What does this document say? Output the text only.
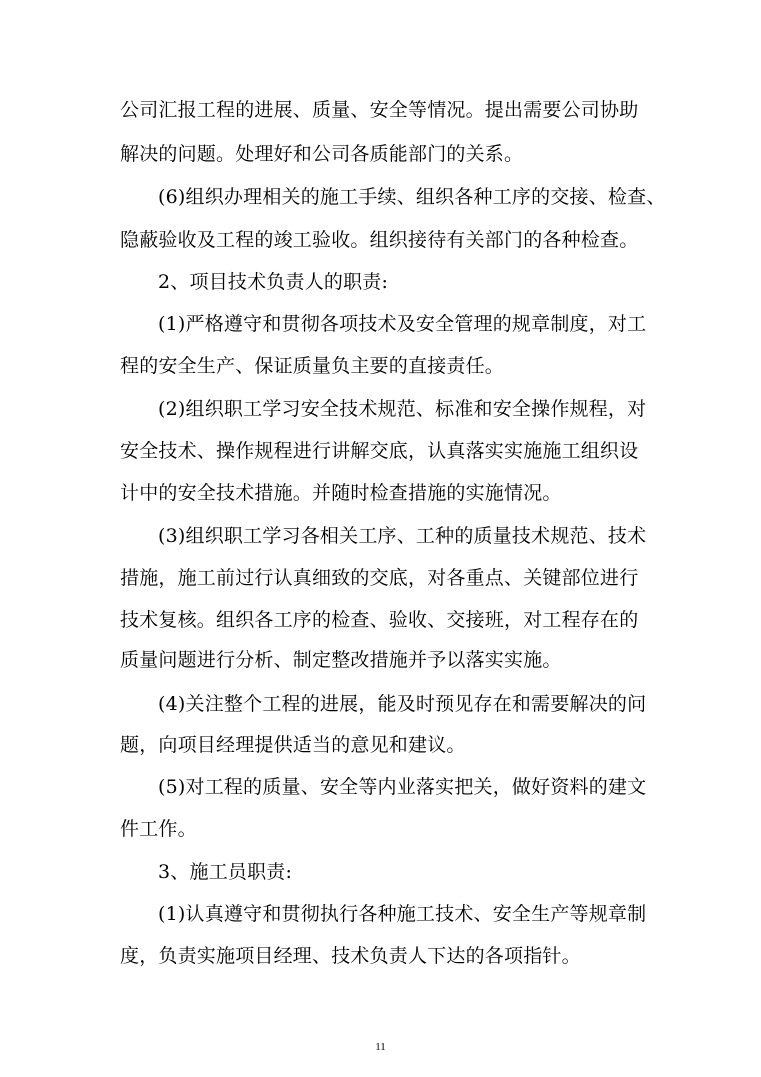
公司汇报工程的进展、质量、安全等情况。提出需要公司协助
解决的问题。处理好和公司各质能部门的关系。
(6)组织办理相关的施工手续、组织各种工序的交接、检查、
隐蔽验收及工程的竣工验收。组织接待有关部门的各种检查。
2、项目技术负责人的职责:
(1)严格遵守和贯彻各项技术及安全管理的规章制度，对工
程的安全生产、保证质量负主要的直接责任。
(2)组织职工学习安全技术规范、标准和安全操作规程，对
安全技术、操作规程进行讲解交底，认真落实实施施工组织设
计中的安全技术措施。并随时检查措施的实施情况。
(3)组织职工学习各相关工序、工种的质量技术规范、技术
措施，施工前过行认真细致的交底，对各重点、关键部位进行
技术复核。组织各工序的检查、验收、交接班，对工程存在的
质量问题进行分析、制定整改措施并予以落实实施。
(4)关注整个工程的进展，能及时预见存在和需要解决的问
题，向项目经理提供适当的意见和建议。
(5)对工程的质量、安全等内业落实把关，做好资料的建文
件工作。
3、施工员职责:
(1)认真遵守和贯彻执行各种施工技术、安全生产等规章制
度，负责实施项目经理、技术负责人下达的各项指针。
11
